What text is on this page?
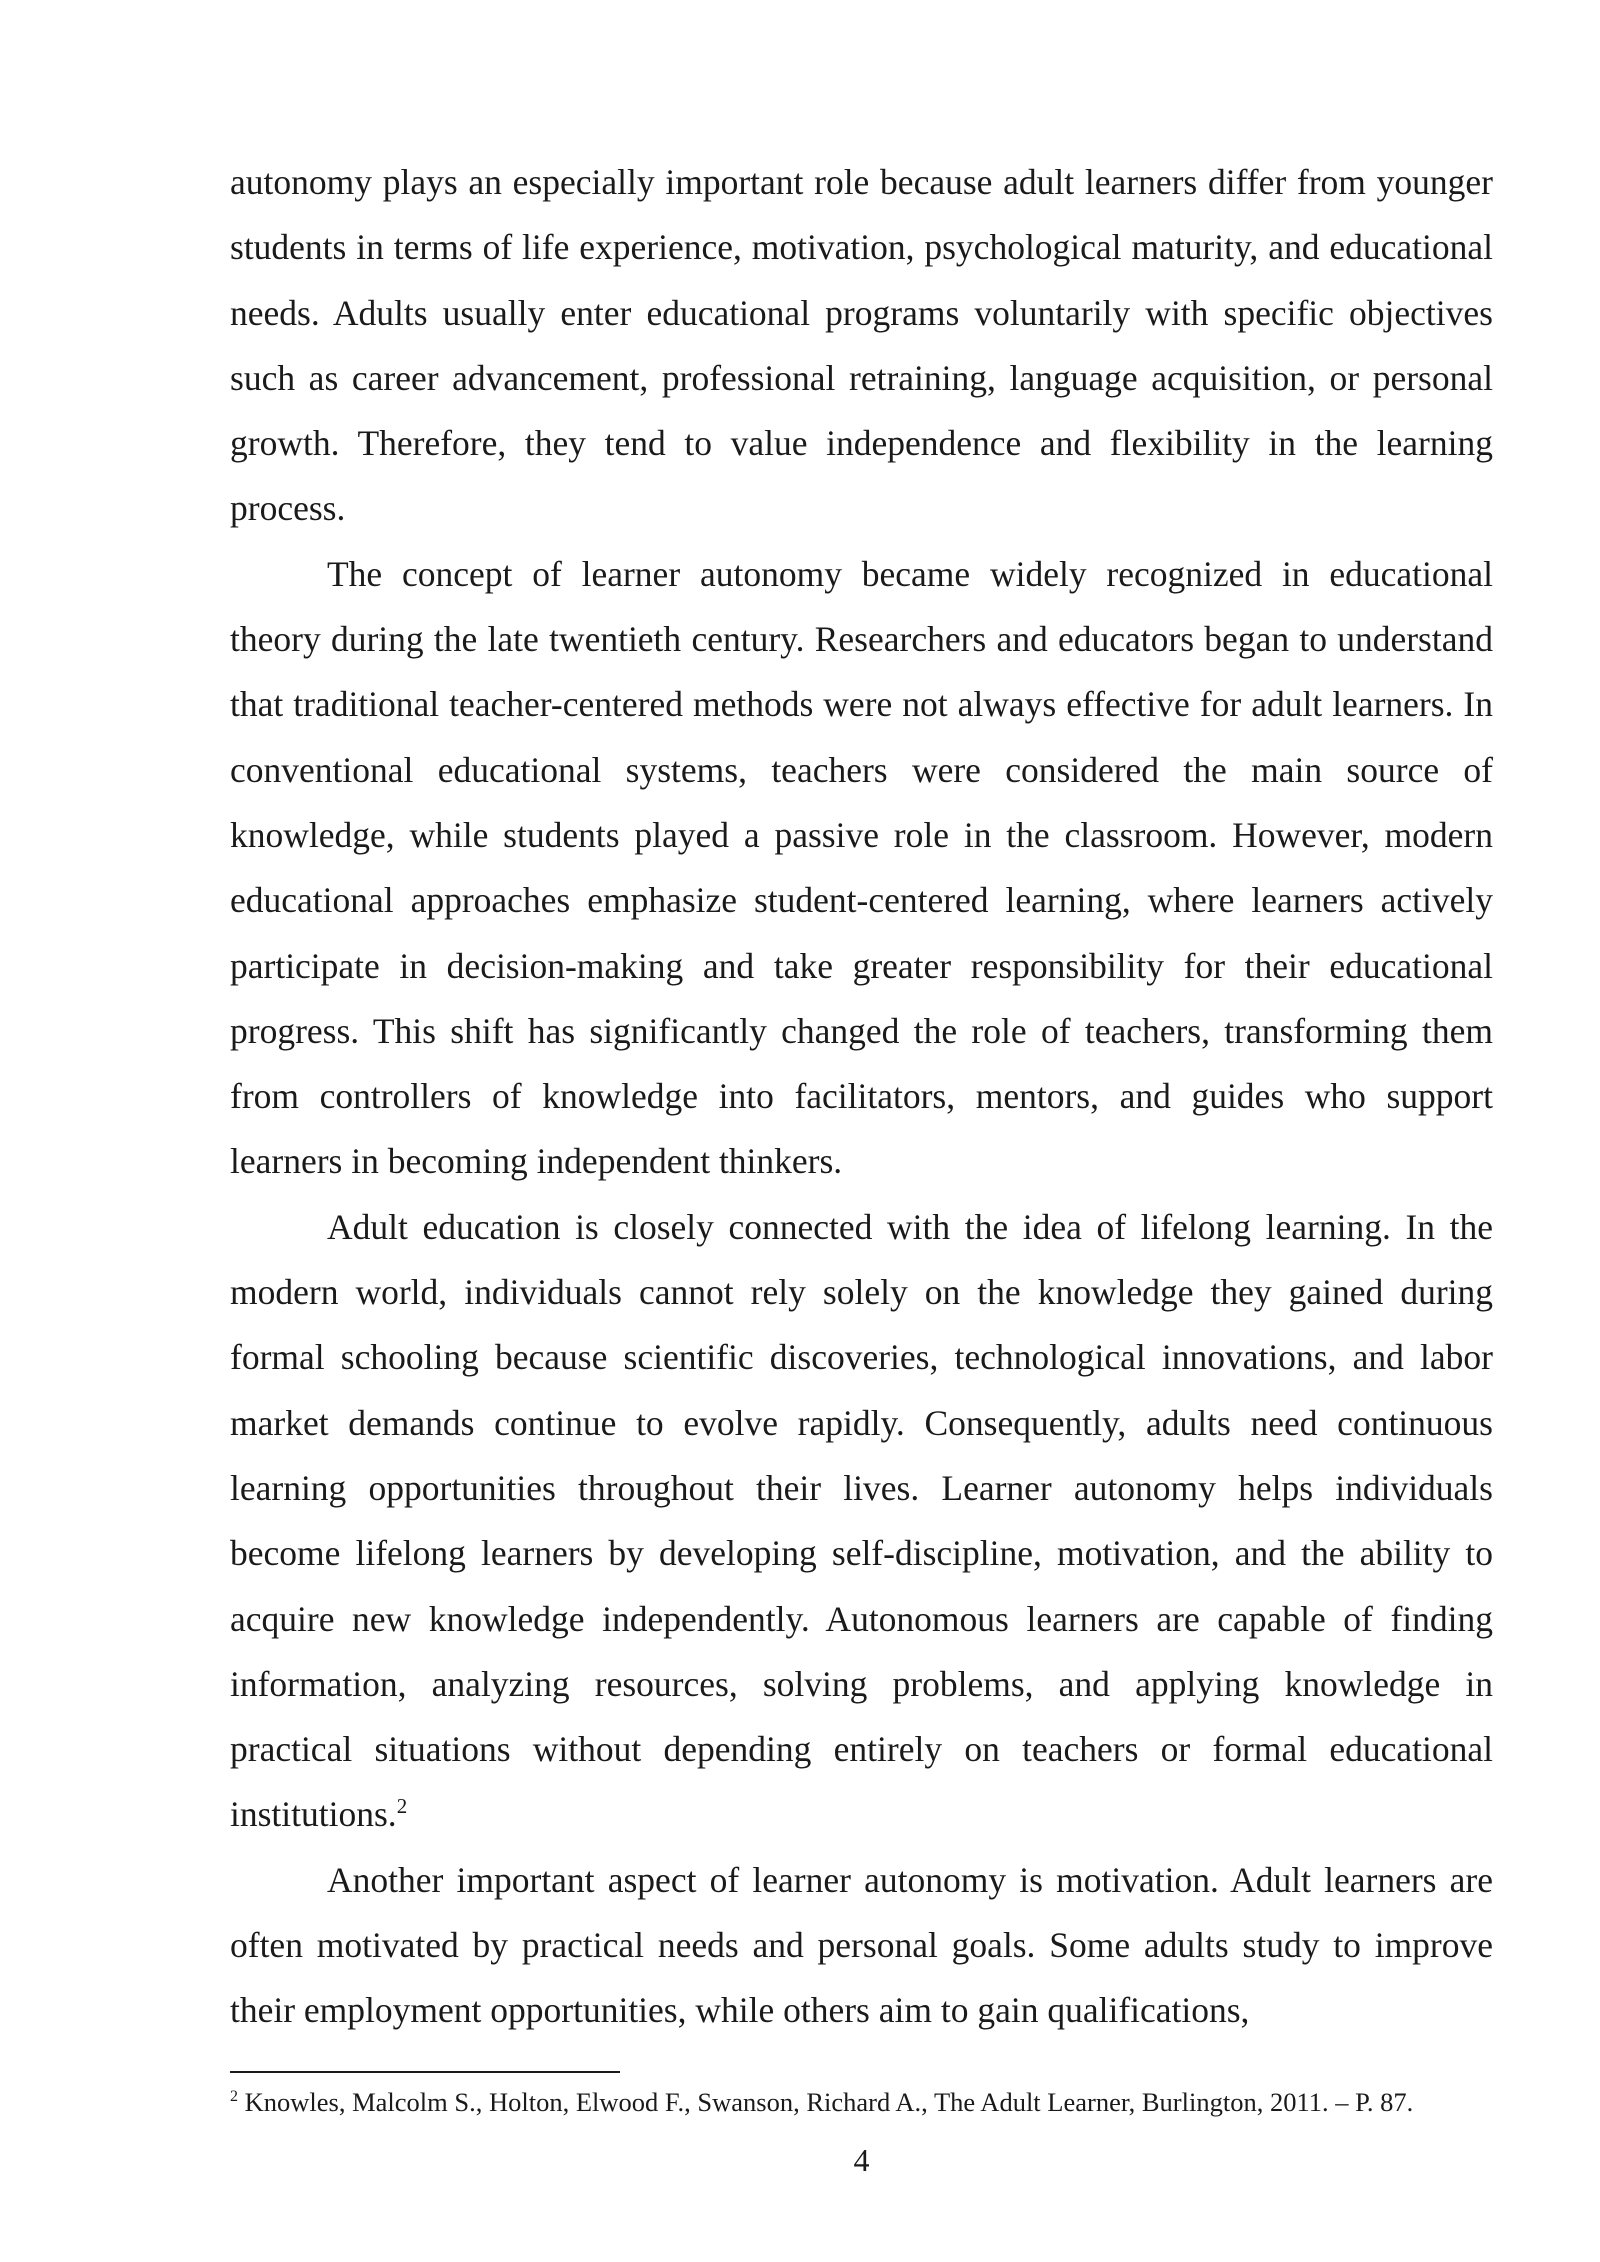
autonomy plays an especially important role because adult learners differ from younger students in terms of life experience, motivation, psychological maturity, and educational needs. Adults usually enter educational programs voluntarily with specific objectives such as career advancement, professional retraining, language acquisition, or personal growth. Therefore, they tend to value independence and flexibility in the learning process.

The concept of learner autonomy became widely recognized in educational theory during the late twentieth century. Researchers and educators began to understand that traditional teacher-centered methods were not always effective for adult learners. In conventional educational systems, teachers were considered the main source of knowledge, while students played a passive role in the classroom. However, modern educational approaches emphasize student-centered learning, where learners actively participate in decision-making and take greater responsibility for their educational progress. This shift has significantly changed the role of teachers, transforming them from controllers of knowledge into facilitators, mentors, and guides who support learners in becoming independent thinkers.

Adult education is closely connected with the idea of lifelong learning. In the modern world, individuals cannot rely solely on the knowledge they gained during formal schooling because scientific discoveries, technological innovations, and labor market demands continue to evolve rapidly. Consequently, adults need continuous learning opportunities throughout their lives. Learner autonomy helps individuals become lifelong learners by developing self-discipline, motivation, and the ability to acquire new knowledge independently. Autonomous learners are capable of finding information, analyzing resources, solving problems, and applying knowledge in practical situations without depending entirely on teachers or formal educational institutions.$^2$

Another important aspect of learner autonomy is motivation. Adult learners are often motivated by practical needs and personal goals. Some adults study to improve their employment opportunities, while others aim to gain qualifications,

$^2$ Knowles, Malcolm S., Holton, Elwood F., Swanson, Richard A., The Adult Learner, Burlington, 2011. – P. 87.

4
